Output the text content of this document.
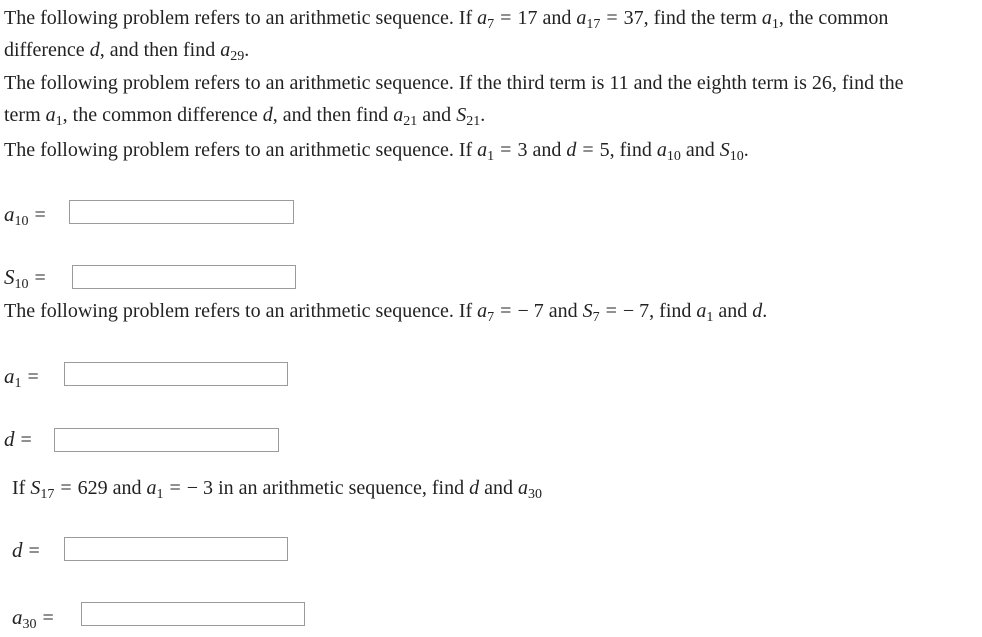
The following problem refers to an arithmetic sequence. If $a_7 = 17$ and $a_{17} = 37$, find the term $a_1$, the common
difference d, and then find $a_{29}$.
The following problem refers to an arithmetic sequence. If the third term is 11 and the eighth term is 26, find the
term $a_1$, the common difference d, and then find $a_{21}$ and $S_{21}$.
The following problem refers to an arithmetic sequence. If $a_1 = 3$ and d = 5, find $a_{10}$ and $S_{10}$.
$a_{10}$ =
$S_{10}$ =
The following problem refers to an arithmetic sequence. If $a_7$ = − 7 and $S_7$ = − 7, find $a_1$ and d.
$a_1$ =
d =
If $S_{17} = 629$ and $a_1$ = − 3 in an arithmetic sequence, find d and $a_{30}$
d =
$a_{30}$ =
